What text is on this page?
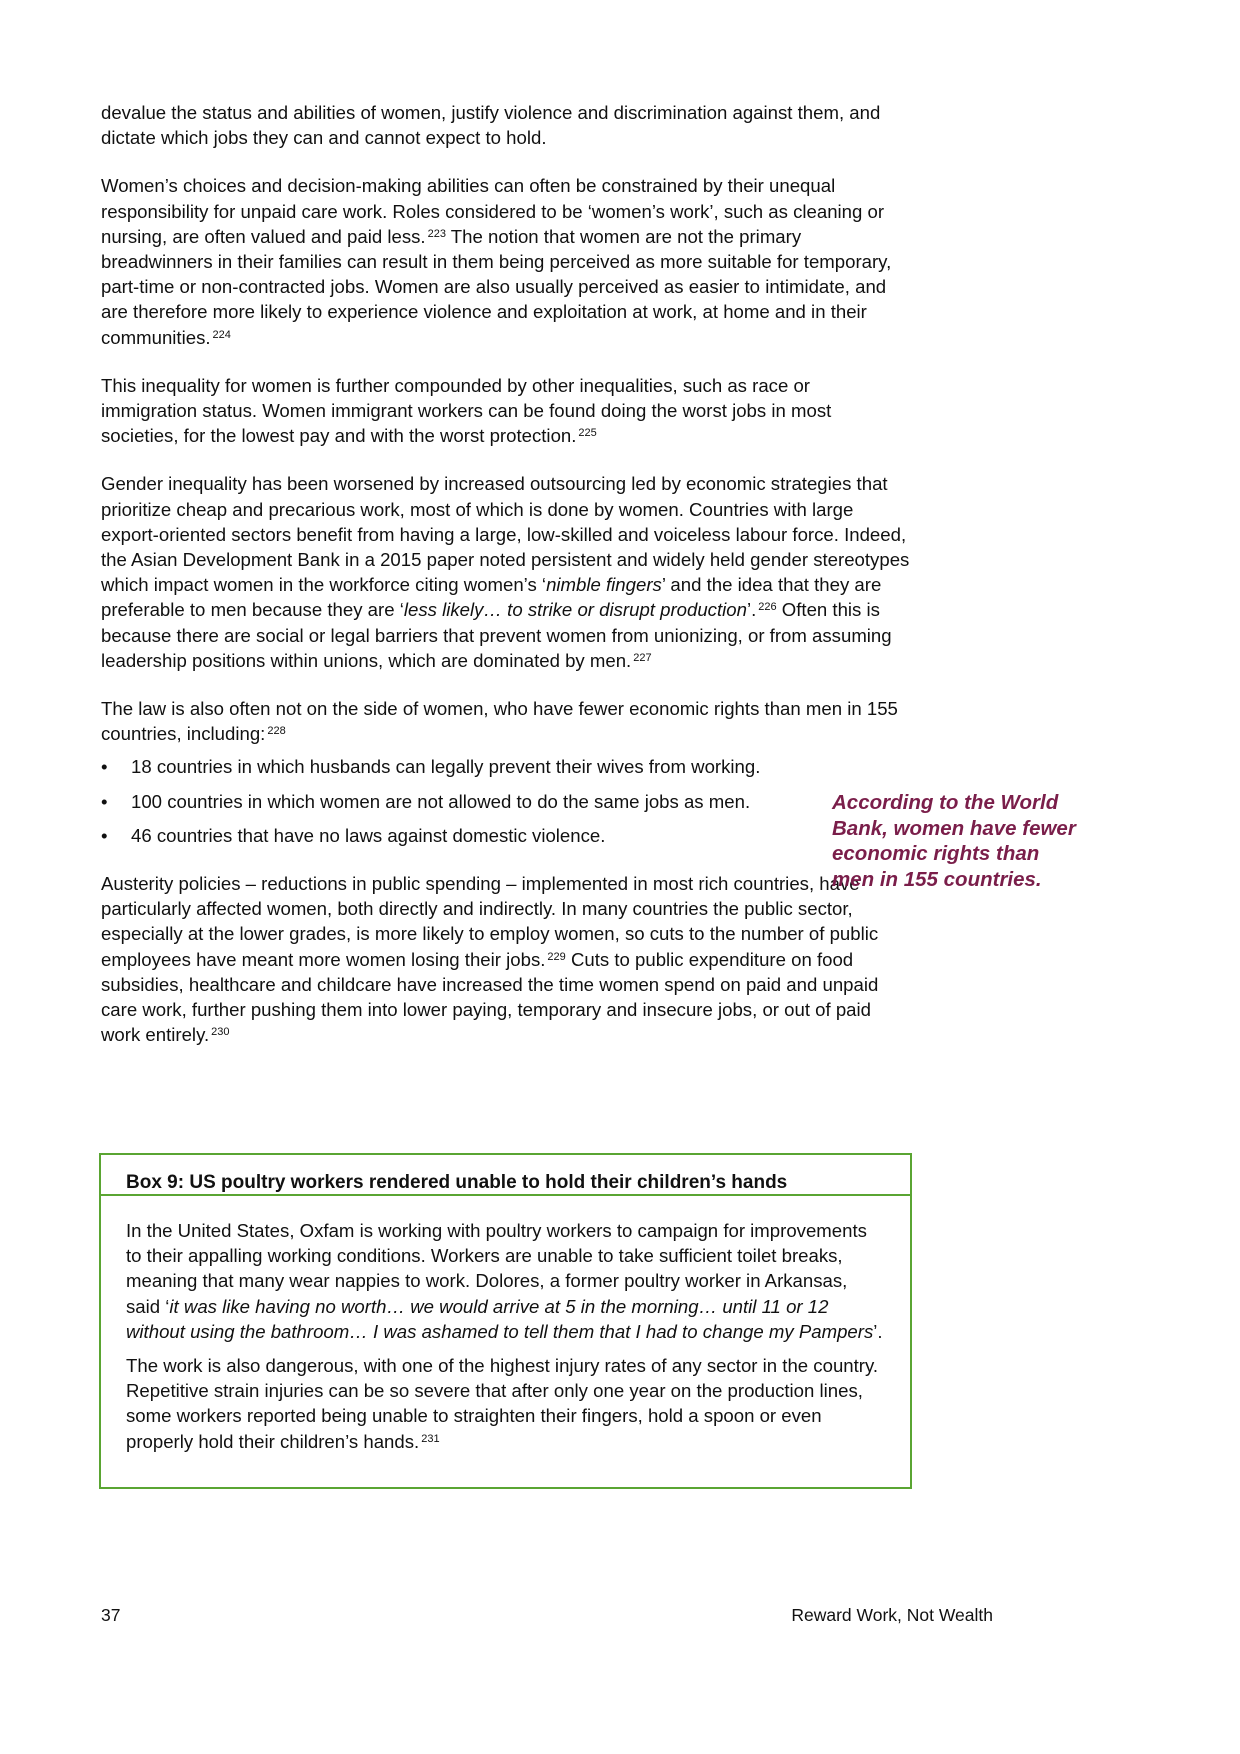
devalue the status and abilities of women, justify violence and discrimination against them, and dictate which jobs they can and cannot expect to hold.

Women’s choices and decision-making abilities can often be constrained by their unequal responsibility for unpaid care work. Roles considered to be ‘women’s work’, such as cleaning or nursing, are often valued and paid less. $^{223}$ The notion that women are not the primary breadwinners in their families can result in them being perceived as more suitable for temporary, part-time or non-contracted jobs. Women are also usually perceived as easier to intimidate, and are therefore more likely to experience violence and exploitation at work, at home and in their communities. $^{224}$

This inequality for women is further compounded by other inequalities, such as race or immigration status. Women immigrant workers can be found doing the worst jobs in most societies, for the lowest pay and with the worst protection. $^{225}$

Gender inequality has been worsened by increased outsourcing led by economic strategies that prioritize cheap and precarious work, most of which is done by women. Countries with large export-oriented sectors benefit from having a large, low-skilled and voiceless labour force. Indeed, the Asian Development Bank in a 2015 paper noted persistent and widely held gender stereotypes which impact women in the workforce citing women’s ‘nimble fingers’ and the idea that they are preferable to men because they are ‘less likely… to strike or disrupt production’. $^{226}$ Often this is because there are social or legal barriers that prevent women from unionizing, or from assuming leadership positions within unions, which are dominated by men. $^{227}$

The law is also often not on the side of women, who have fewer economic rights than men in 155 countries, including: $^{228}$

• 18 countries in which husbands can legally prevent their wives from working.
• 100 countries in which women are not allowed to do the same jobs as men.
• 46 countries that have no laws against domestic violence.

Austerity policies – reductions in public spending – implemented in most rich countries, have particularly affected women, both directly and indirectly. In many countries the public sector, especially at the lower grades, is more likely to employ women, so cuts to the number of public employees have meant more women losing their jobs. $^{229}$ Cuts to public expenditure on food subsidies, healthcare and childcare have increased the time women spend on paid and unpaid care work, further pushing them into lower paying, temporary and insecure jobs, or out of paid work entirely. $^{230}$

According to the World Bank, women have fewer economic rights than men in 155 countries.
Box 9: US poultry workers rendered unable to hold their children’s hands

In the United States, Oxfam is working with poultry workers to campaign for improvements to their appalling working conditions. Workers are unable to take sufficient toilet breaks, meaning that many wear nappies to work. Dolores, a former poultry worker in Arkansas, said ‘it was like having no worth… we would arrive at 5 in the morning… until 11 or 12 without using the bathroom… I was ashamed to tell them that I had to change my Pampers’.

The work is also dangerous, with one of the highest injury rates of any sector in the country. Repetitive strain injuries can be so severe that after only one year on the production lines, some workers reported being unable to straighten their fingers, hold a spoon or even properly hold their children’s hands. $^{231}$

37	Reward Work, Not Wealth
